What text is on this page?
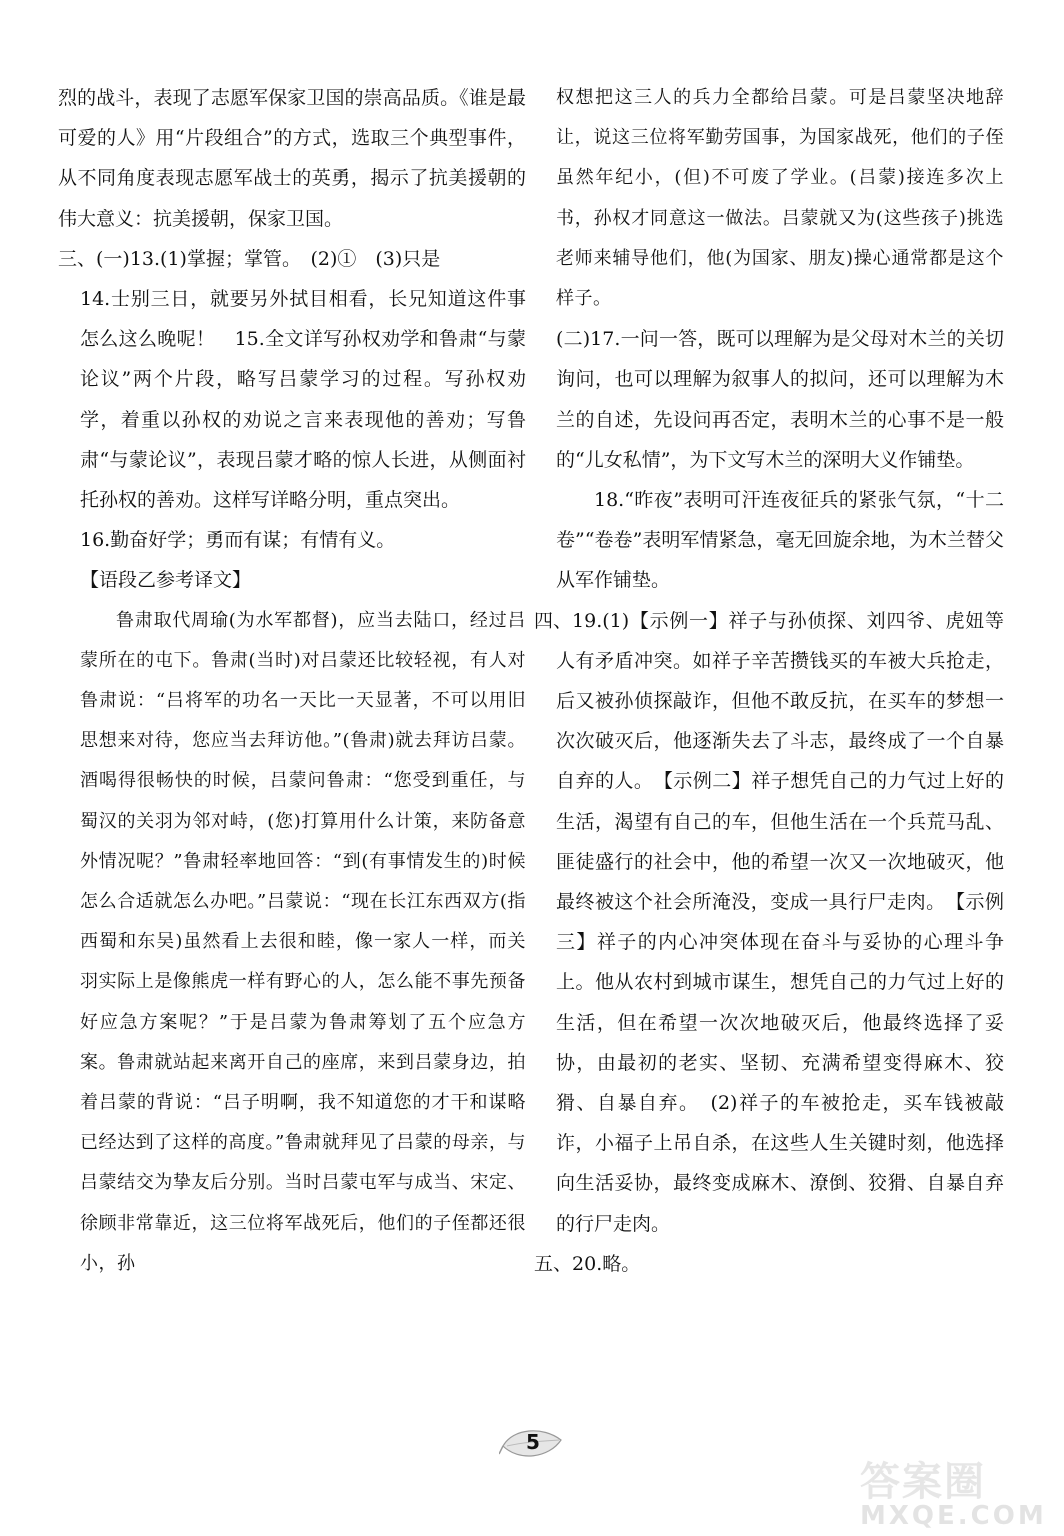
烈的战斗，表现了志愿军保家卫国的崇高品质。《谁是最可爱的人》用“片段组合”的方式，选取三个典型事件，从不同角度表现志愿军战士的英勇，揭示了抗美援朝的伟大意义：抗美援朝，保家卫国。

三、(一)13.(1)掌握；掌管。　(2)①　(3)只是

14.士别三日，就要另外拭目相看，长兄知道这件事怎么这么晚呢！　15.全文详写孙权劝学和鲁肃“与蒙论议”两个片段，略写吕蒙学习的过程。写孙权劝学，着重以孙权的劝说之言来表现他的善劝；写鲁肃“与蒙论议”，表现吕蒙才略的惊人长进，从侧面衬托孙权的善劝。这样写详略分明，重点突出。

16.勤奋好学；勇而有谋；有情有义。

【语段乙参考译文】

鲁肃取代周瑜(为水军都督)，应当去陆口，经过吕蒙所在的屯下。鲁肃(当时)对吕蒙还比较轻视，有人对鲁肃说：“吕将军的功名一天比一天显著，不可以用旧思想来对待，您应当去拜访他。”(鲁肃)就去拜访吕蒙。酒喝得很畅快的时候，吕蒙问鲁肃：“您受到重任，与蜀汉的关羽为邻对峙，(您)打算用什么计策，来防备意外情况呢？”鲁肃轻率地回答：“到(有事情发生的)时候怎么合适就怎么办吧。”吕蒙说：“现在长江东西双方(指西蜀和东吴)虽然看上去很和睦，像一家人一样，而关羽实际上是像熊虎一样有野心的人，怎么能不事先预备好应急方案呢？”于是吕蒙为鲁肃筹划了五个应急方案。鲁肃就站起来离开自己的座席，来到吕蒙身边，拍着吕蒙的背说：“吕子明啊，我不知道您的才干和谋略已经达到了这样的高度。”鲁肃就拜见了吕蒙的母亲，与吕蒙结交为挚友后分别。当时吕蒙屯军与成当、宋定、徐顾非常靠近，这三位将军战死后，他们的子侄都还很小，孙

权想把这三人的兵力全都给吕蒙。可是吕蒙坚决地辞让，说这三位将军勤劳国事，为国家战死，他们的子侄虽然年纪小，(但)不可废了学业。(吕蒙)接连多次上书，孙权才同意这一做法。吕蒙就又为(这些孩子)挑选老师来辅导他们，他(为国家、朋友)操心通常都是这个样子。

(二)17.一问一答，既可以理解为是父母对木兰的关切询问，也可以理解为叙事人的拟问，还可以理解为木兰的自述，先设问再否定，表明木兰的心事不是一般的“儿女私情”，为下文写木兰的深明大义作铺垫。

18.“昨夜”表明可汗连夜征兵的紧张气氛，“十二卷”“卷卷”表明军情紧急，毫无回旋余地，为木兰替父从军作铺垫。

四、19.(1)【示例一】祥子与孙侦探、刘四爷、虎妞等人有矛盾冲突。如祥子辛苦攒钱买的车被大兵抢走，后又被孙侦探敲诈，但他不敢反抗，在买车的梦想一次次破灭后，他逐渐失去了斗志，最终成了一个自暴自弃的人。　【示例二】祥子想凭自己的力气过上好的生活，渴望有自己的车，但他生活在一个兵荒马乱、匪徒盛行的社会中，他的希望一次又一次地破灭，他最终被这个社会所淹没，变成一具行尸走肉。　【示例三】祥子的内心冲突体现在奋斗与妥协的心理斗争上。他从农村到城市谋生，想凭自己的力气过上好的生活，但在希望一次次地破灭后，他最终选择了妥协，由最初的老实、坚韧、充满希望变得麻木、狡猾、自暴自弃。　(2)祥子的车被抢走，买车钱被敲诈，小福子上吊自杀，在这些人生关键时刻，他选择向生活妥协，最终变成麻木、潦倒、狡猾、自暴自弃的行尸走肉。

五、20.略。

5
答案圈
MXQE.COM
